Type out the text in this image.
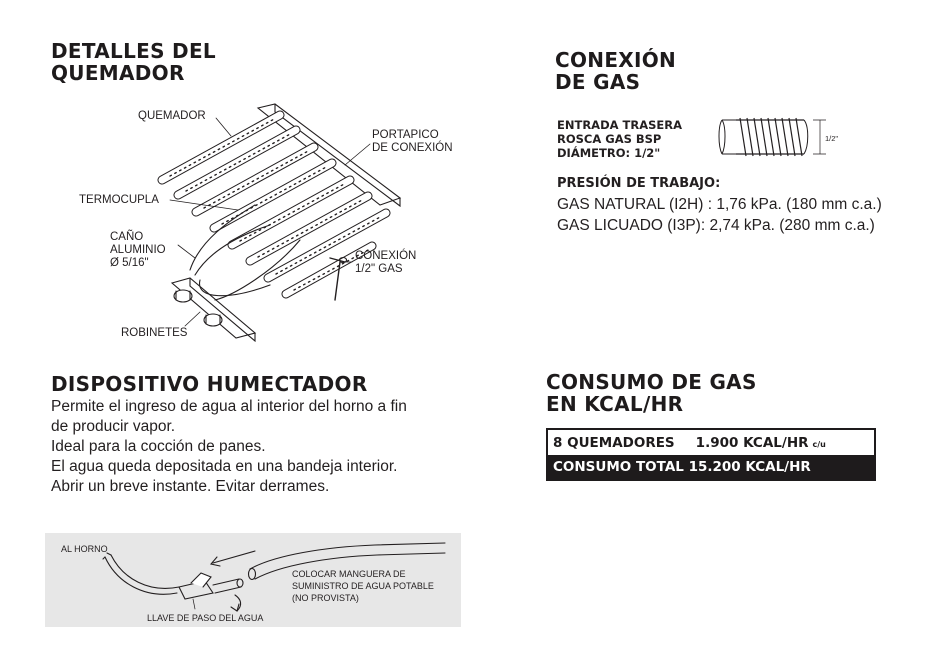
DETALLES DEL
QUEMADOR
QUEMADOR
PORTAPICO
DE CONEXIÓN
TERMOCUPLA
CAÑO
ALUMINIO
Ø 5/16"
CONEXIÓN
1/2" GAS
ROBINETES
CONEXIÓN
DE GAS
ENTRADA TRASERA
ROSCA GAS BSP
DIÁMETRO: 1/2"
1/2"
PRESIÓN DE TRABAJO:
GAS NATURAL (I2H) : 1,76 kPa. (180 mm c.a.)
GAS LICUADO (I3P): 2,74 kPa. (280 mm c.a.)
DISPOSITIVO HUMECTADOR
Permite el ingreso de agua al interior del horno a fin
de producir vapor.
Ideal para la cocción de panes.
El agua queda depositada en una bandeja interior.
Abrir un breve instante. Evitar derrames.
AL HORNO
COLOCAR MANGUERA DE
SUMINISTRO DE AGUA POTABLE
(NO PROVISTA)
LLAVE DE PASO DEL AGUA
CONSUMO DE GAS
EN KCAL/HR
8 QUEMADORES 1.900 KCAL/HR c/u
CONSUMO TOTAL 15.200 KCAL/HR
